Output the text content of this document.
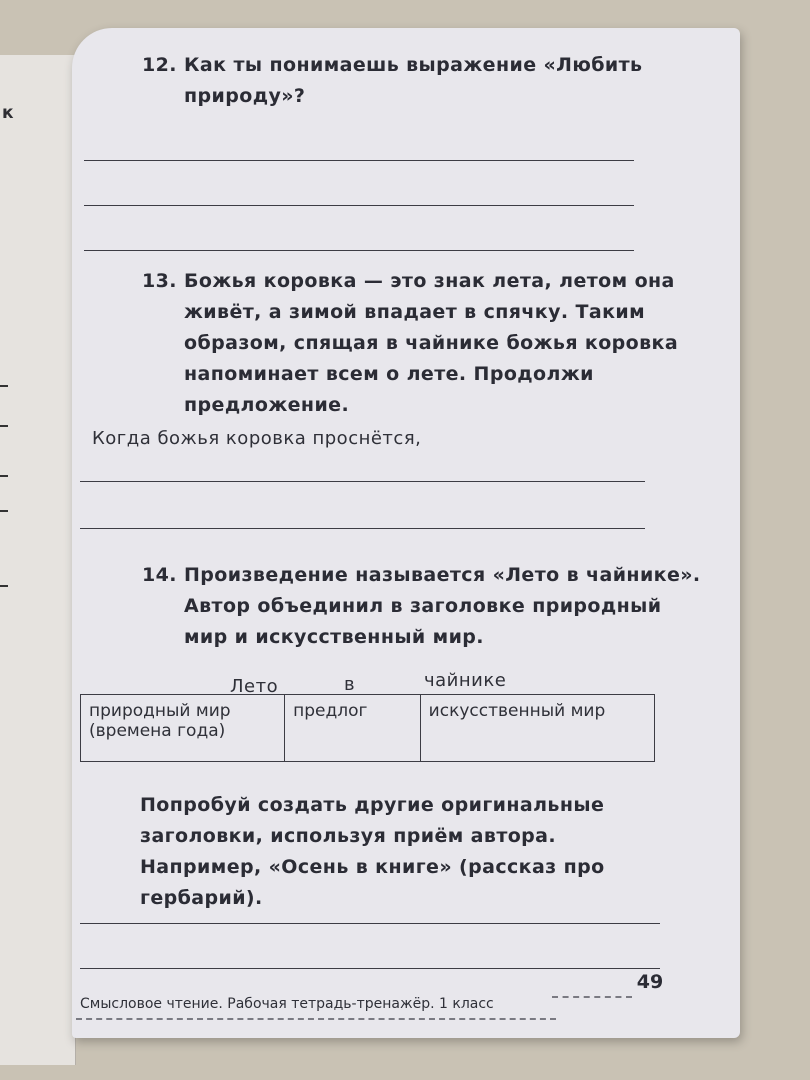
к
12. Как ты понимаешь выражение «Любить природу»?
13. Божья коровка — это знак лета, летом она живёт, а зимой впадает в спячку. Таким образом, спящая в чайнике божья коровка напоминает всем о лете. Продолжи предложение.
Когда божья коровка проснётся,
14. Произведение называется «Лето в чайнике». Автор объединил в заголовке природный мир и искусственный мир.
Лето	в	чайнике
природный мир (времена года)	предлог	искусственный мир
Попробуй создать другие оригинальные заголовки, используя приём автора. Например, «Осень в книге» (рассказ про гербарий).
Смысловое чтение. Рабочая тетрадь-тренажёр. 1 класс
49
